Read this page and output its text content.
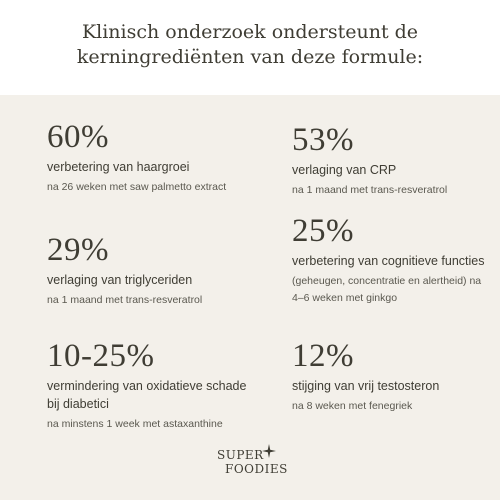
Klinisch onderzoek ondersteunt de
kerningrediënten van deze formule:
60%
verbetering van haargroei
na 26 weken met saw palmetto extract
53%
verlaging van CRP
na 1 maand met trans-resveratrol
29%
verlaging van triglyceriden
na 1 maand met trans-resveratrol
25%
verbetering van cognitieve functies
(geheugen, concentratie en alertheid) na 4–6 weken met ginkgo
10-25%
vermindering van oxidatieve schade bij diabetici
na minstens 1 week met astaxanthine
12%
stijging van vrij testosteron
na 8 weken met fenegriek
SUPER
FOODIES
